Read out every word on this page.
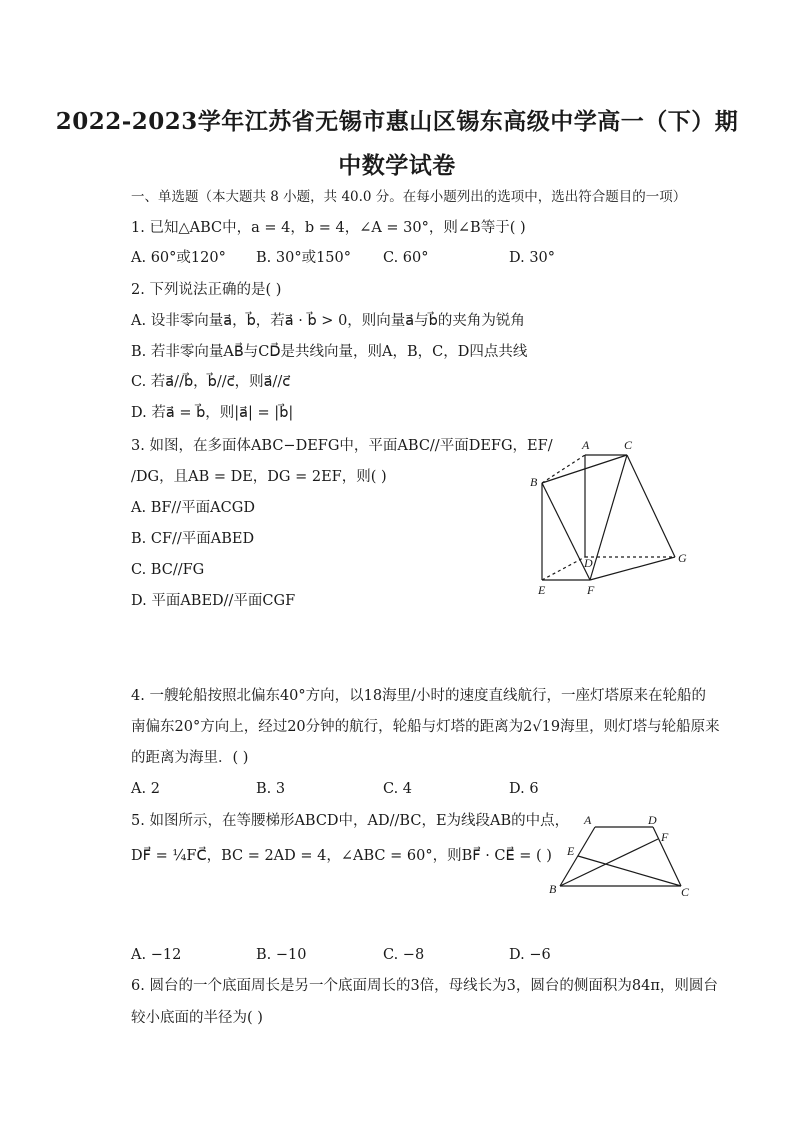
2022-2023学年江苏省无锡市惠山区锡东高级中学高一（下）期
中数学试卷
一、单选题（本大题共 8 小题，共 40.0 分。在每小题列出的选项中，选出符合题目的一项）
1. 已知△ABC中，a = 4，b = 4，∠A = 30°，则∠B等于( )
A. 60°或120° B. 30°或150° C. 60°	D. 30°
2. 下列说法正确的是( )
A. 设非零向量a⃗，b⃗，若a⃗ · b⃗ > 0，则向量a⃗与b⃗的夹角为锐角
B. 若非零向量AB⃗与CD⃗是共线向量，则A，B，C，D四点共线
C. 若a⃗//b⃗，b⃗//c⃗，则a⃗//c⃗
D. 若a⃗ = b⃗，则|a⃗| = |b⃗|
3. 如图，在多面体ABC−DEFG中，平面ABC//平面DEFG，EF/
/DG，且AB = DE，DG = 2EF，则( )
A. BF//平面ACGD
B. CF//平面ABED
C. BC//FG
D. 平面ABED//平面CGF
A
B
C
D
E	F
G
4. 一艘轮船按照北偏东40°方向，以18海里/小时的速度直线航行，一座灯塔原来在轮船的
南偏东20°方向上，经过20分钟的航行，轮船与灯塔的距离为2√19海里，则灯塔与轮船原来
的距离为海里．( )
A. 2	B. 3	C. 4	D. 6
5. 如图所示，在等腰梯形ABCD中，AD//BC，E为线段AB的中点，
DF⃗ = ¼FC⃗，BC = 2AD = 4，∠ABC = 60°，则BF⃗ · CE⃗ = ( )
A	D
F
E
B	C
A. −12	B. −10	C. −8	D. −6
6. 圆台的一个底面周长是另一个底面周长的3倍，母线长为3，圆台的侧面积为84π，则圆台
较小底面的半径为( )
